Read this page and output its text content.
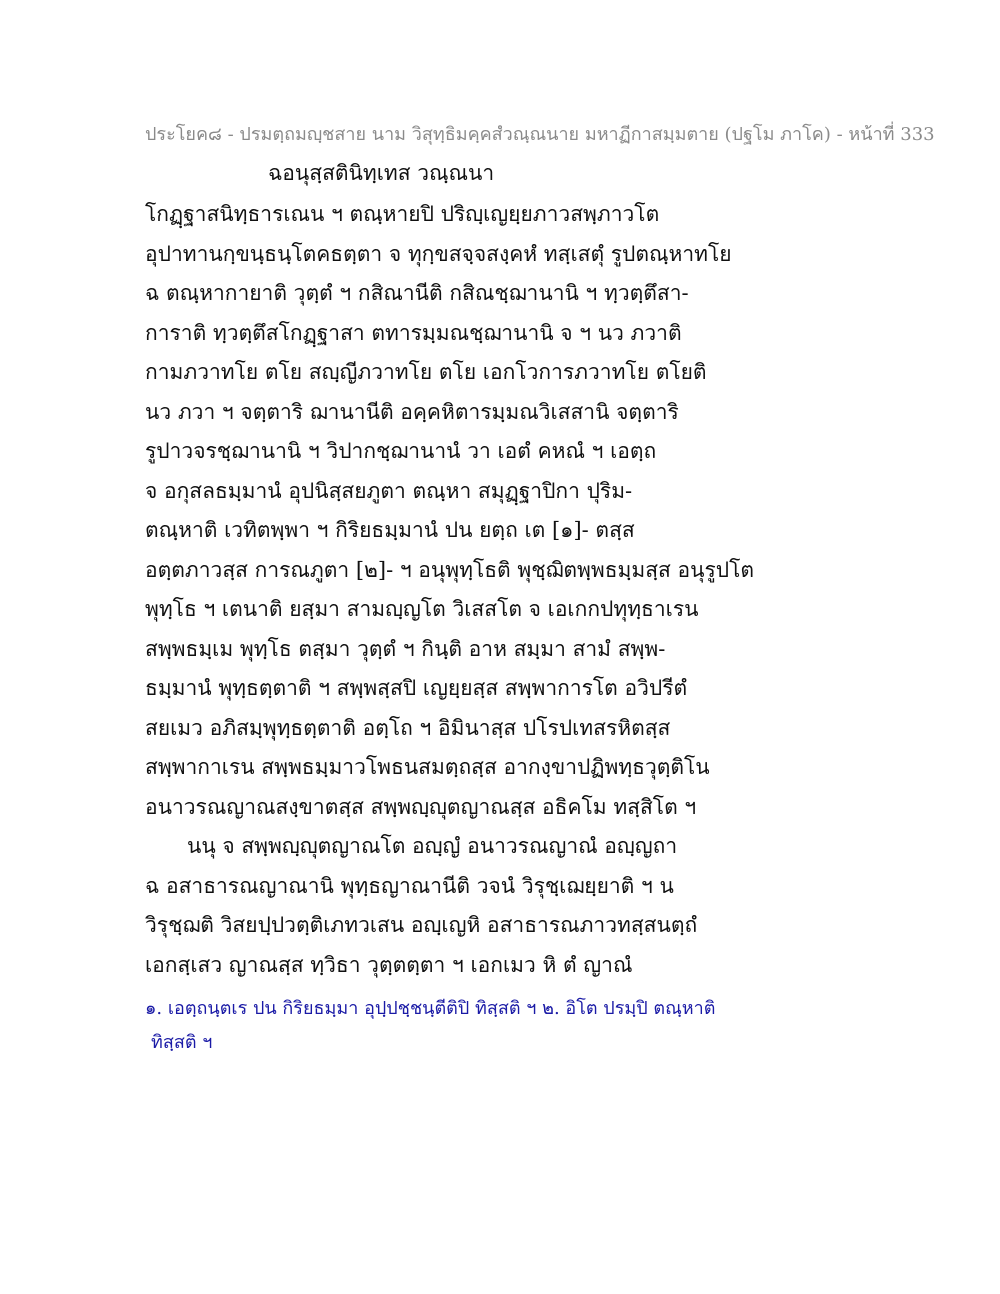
ประโยค๘ - ปรมตฺถมญฺชสาย นาม วิสุทฺธิมคฺคสํวณฺณนาย มหาฏีกาสมฺมตาย (ปฐโม ภาโค) - หน้าที่ 333
ฉอนุสฺสตินิทฺเทส วณฺณนา
โกฏฺฐาสนิทฺธารเณน ฯ ตณฺหายปิ ปริญฺเญยฺยภาวสพฺภาวโต
อุปาทานกฺขนฺธนฺโตคธตฺตา จ ทุกฺขสจฺจสงฺคหํ ทสฺเสตุํ รูปตณฺหาทโย
ฉ ตณฺหากายาติ วุตฺตํ ฯ กสิณานีติ กสิณชฺฌานานิ ฯ ทฺวตฺตึสา-
การาติ ทฺวตฺตึสโกฏฺฐาสา ตทารมฺมณชฺฌานานิ จ ฯ นว ภวาติ
กามภวาทโย ตโย สญฺญีภวาทโย ตโย เอกโวการภวาทโย ตโยติ
นว ภวา ฯ จตฺตาริ ฌานานีติ อคฺคหิตารมฺมณวิเสสานิ จตฺตาริ
รูปาวจรชฺฌานานิ ฯ วิปากชฺฌานานํ วา เอตํ คหณํ ฯ เอตฺถ
จ อกุสลธมฺมานํ อุปนิสฺสยภูตา ตณฺหา สมุฏฺฐาปิกา ปุริม-
ตณฺหาติ เวทิตพฺพา ฯ กิริยธมฺมานํ ปน ยตฺถ เต [๑]- ตสฺส
อตฺตภาวสฺส การณภูตา [๒]- ฯ อนุพุทฺโธติ พุชฺฌิตพฺพธมฺมสฺส อนุรูปโต
พุทฺโธ ฯ เตนาติ ยสฺมา สามญฺญโต วิเสสโต จ เอเกกปทุทฺธาเรน
สพฺพธมฺเม พุทฺโธ ตสฺมา วุตฺตํ ฯ กินฺติ อาห สมฺมา สามํ สพฺพ-
ธมฺมานํ พุทฺธตฺตาติ ฯ สพฺพสฺสปิ เญยฺยสฺส สพฺพาการโต อวิปรีตํ
สยเมว อภิสมฺพุทฺธตฺตาติ อตฺโถ ฯ อิมินาสฺส ปโรปเทสรหิตสฺส
สพฺพากาเรน สพฺพธมฺมาวโพธนสมตฺถสฺส อากงฺขาปฏิพทฺธวุตฺติโน
อนาวรณญาณสงฺขาตสฺส สพฺพญฺญุตญาณสฺส อธิคโม ทสฺสิโต ฯ
นนุ จ สพฺพญฺญุตญาณโต อญฺญํ อนาวรณญาณํ อญฺญถา
ฉ อสาธารณญาณานิ พุทฺธญาณานีติ วจนํ วิรุชฺเฌยฺยาติ ฯ น
วิรุชฺฌติ วิสยปฺปวตฺติเภทวเสน อญฺเญหิ อสาธารณภาวทสฺสนตฺถํ
เอกสฺเสว ญาณสฺส ทฺวิธา วุตฺตตฺตา ฯ เอกเมว หิ ตํ ญาณํ
๑. เอตฺถนฺตเร ปน กิริยธมฺมา อุปฺปชฺชนฺตีติปิ ทิสฺสติ ฯ ๒. อิโต ปรมฺปิ ตณฺหาติ
ทิสฺสติ ฯ
